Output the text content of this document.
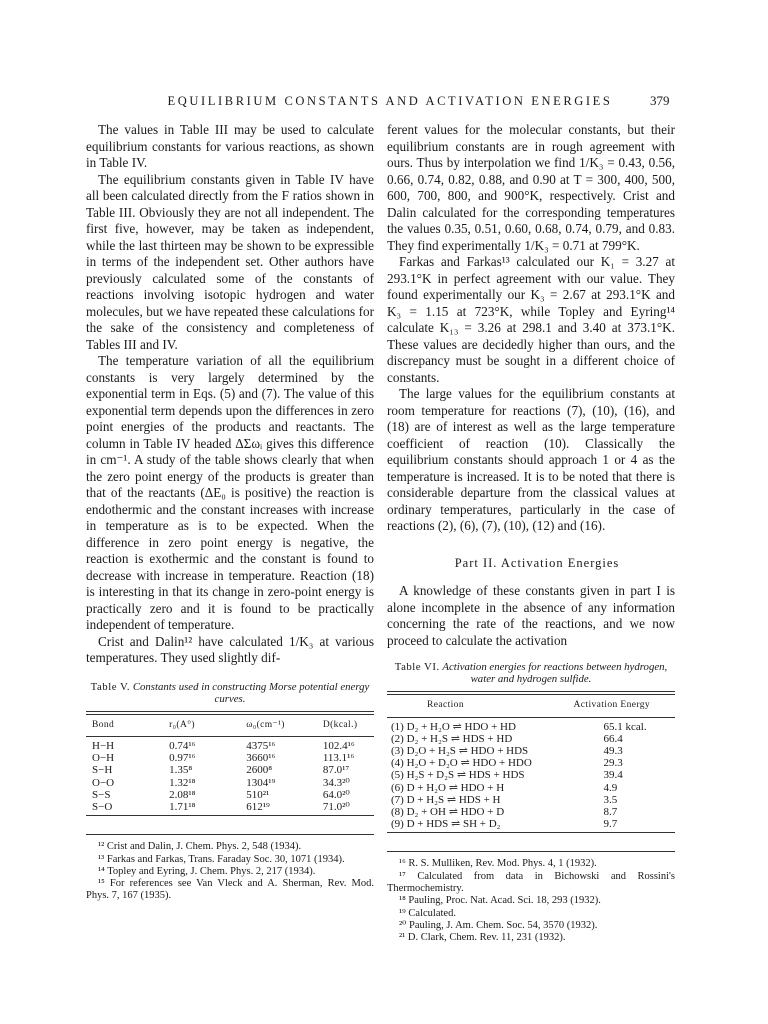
EQUILIBRIUM CONSTANTS AND ACTIVATION ENERGIES	379

The values in Table III may be used to calculate equilibrium constants for various reactions, as shown in Table IV.

The equilibrium constants given in Table IV have all been calculated directly from the F ratios shown in Table III. Obviously they are not all independent. The first five, however, may be taken as independent, while the last thirteen may be shown to be expressible in terms of the independent set. Other authors have previously calculated some of the constants of reactions involving isotopic hydrogen and water molecules, but we have repeated these calculations for the sake of the consistency and completeness of Tables III and IV.

The temperature variation of all the equilibrium constants is very largely determined by the exponential term in Eqs. (5) and (7). The value of this exponential term depends upon the differences in zero point energies of the products and reactants. The column in Table IV headed ΔΣωᵢ gives this difference in cm⁻¹. A study of the table shows clearly that when the zero point energy of the products is greater than that of the reactants (ΔE₀ is positive) the reaction is endothermic and the constant increases with increase in temperature as is to be expected. When the difference in zero point energy is negative, the reaction is exothermic and the constant is found to decrease with increase in temperature. Reaction (18) is interesting in that its change in zero-point energy is practically zero and it is found to be practically independent of temperature.

Crist and Dalin¹² have calculated 1/K₃ at various temperatures. They used slightly dif-

Table V. Constants used in constructing Morse potential energy curves.
Bond	r₀(A°)	ω₀(cm⁻¹)	D(kcal.)

H−H	0.74¹⁶	4375¹⁶	102.4¹⁶
O−H	0.97¹⁶	3660¹⁶	113.1¹⁶
S−H	1.35⁸	2600⁸	87.0¹⁷
O−O	1.32¹⁸	1304¹⁹	34.3²⁰
S−S	2.08¹⁸	510²¹	64.0²⁰
S−O	1.71¹⁸	612¹⁹	71.0²⁰

¹² Crist and Dalin, J. Chem. Phys. 2, 548 (1934).

¹³ Farkas and Farkas, Trans. Faraday Soc. 30, 1071 (1934).

¹⁴ Topley and Eyring, J. Chem. Phys. 2, 217 (1934).

¹⁵ For references see Van Vleck and A. Sherman, Rev. Mod. Phys. 7, 167 (1935).

ferent values for the molecular constants, but their equilibrium constants are in rough agreement with ours. Thus by interpolation we find 1/K₃ = 0.43, 0.56, 0.66, 0.74, 0.82, 0.88, and 0.90 at T = 300, 400, 500, 600, 700, 800, and 900°K, respectively. Crist and Dalin calculated for the corresponding temperatures the values 0.35, 0.51, 0.60, 0.68, 0.74, 0.79, and 0.83. They find experimentally 1/K₃ = 0.71 at 799°K.

Farkas and Farkas¹³ calculated our K₁ = 3.27 at 293.1°K in perfect agreement with our value. They found experimentally our K₃ = 2.67 at 293.1°K and K₃ = 1.15 at 723°K, while Topley and Eyring¹⁴ calculate K₁₃ = 3.26 at 298.1 and 3.40 at 373.1°K. These values are decidedly higher than ours, and the discrepancy must be sought in a different choice of constants.

The large values for the equilibrium constants at room temperature for reactions (7), (10), (16), and (18) are of interest as well as the large temperature coefficient of reaction (10). Classically the equilibrium constants should approach 1 or 4 as the temperature is increased. It is to be noted that there is considerable departure from the classical values at ordinary temperatures, particularly in the case of reactions (2), (6), (7), (10), (12) and (16).

Part II. Activation Energies

A knowledge of these constants given in part I is alone incomplete in the absence of any information concerning the rate of the reactions, and we now proceed to calculate the activation

Table VI. Activation energies for reactions between hydrogen, water and hydrogen sulfide.
Reaction	Activation Energy

(1) D₂ + H₂O ⇌ HDO + HD	65.1 kcal.
(2) D₂ + H₂S ⇌ HDS + HD	66.4
(3) D₂O + H₂S ⇌ HDO + HDS	49.3
(4) H₂O + D₂O ⇌ HDO + HDO	29.3
(5) H₂S + D₂S ⇌ HDS + HDS	39.4
(6) D + H₂O ⇌ HDO + H	4.9
(7) D + H₂S ⇌ HDS + H	3.5
(8) D₂ + OH ⇌ HDO + D	8.7
(9) D + HDS ⇌ SH + D₂	9.7

¹⁶ R. S. Mulliken, Rev. Mod. Phys. 4, 1 (1932).

¹⁷ Calculated from data in Bichowski and Rossini's Thermochemistry.

¹⁸ Pauling, Proc. Nat. Acad. Sci. 18, 293 (1932).

¹⁹ Calculated.

²⁰ Pauling, J. Am. Chem. Soc. 54, 3570 (1932).

²¹ D. Clark, Chem. Rev. 11, 231 (1932).
